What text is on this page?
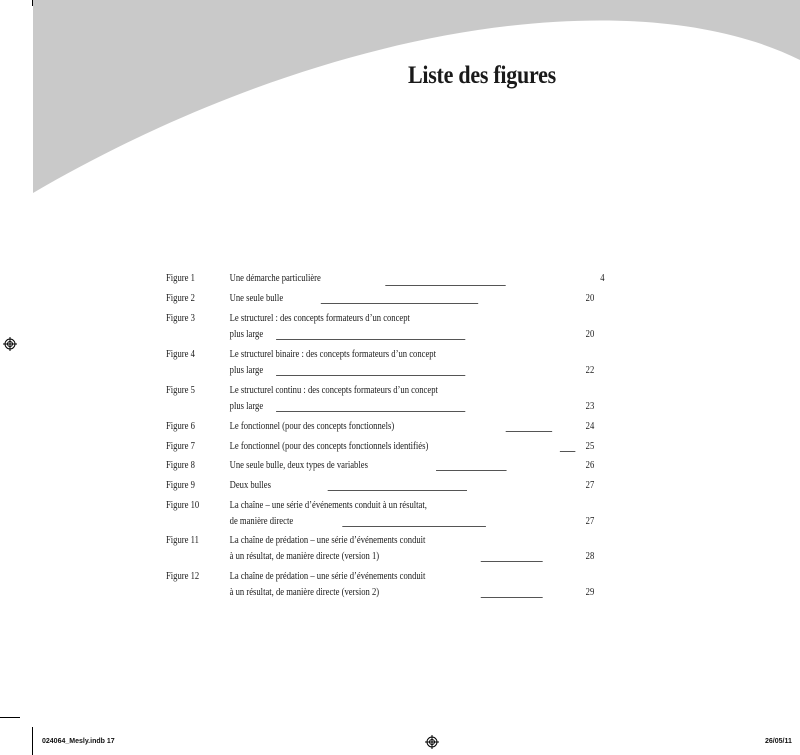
Liste des figures
Figure 1	Une démarche particulière	4
Figure 2	Une seule bulle	20
Figure 3	Le structurel : des concepts formateurs d’un concept
plus large	20
Figure 4	Le structurel binaire : des concepts formateurs d’un concept
plus large	22
Figure 5	Le structurel continu : des concepts formateurs d’un concept
plus large	23
Figure 6	Le fonctionnel (pour des concepts fonctionnels)	24
Figure 7	Le fonctionnel (pour des concepts fonctionnels identifiés)	25
Figure 8	Une seule bulle, deux types de variables	26
Figure 9	Deux bulles	27
Figure 10	La chaîne – une série d’événements conduit à un résultat,
de manière directe	27
Figure 11	La chaîne de prédation – une série d’événements conduit
à un résultat, de manière directe (version 1)	28
Figure 12	La chaîne de prédation – une série d’événements conduit
à un résultat, de manière directe (version 2)	29
024064_Mesly.indb 17	26/05/11
